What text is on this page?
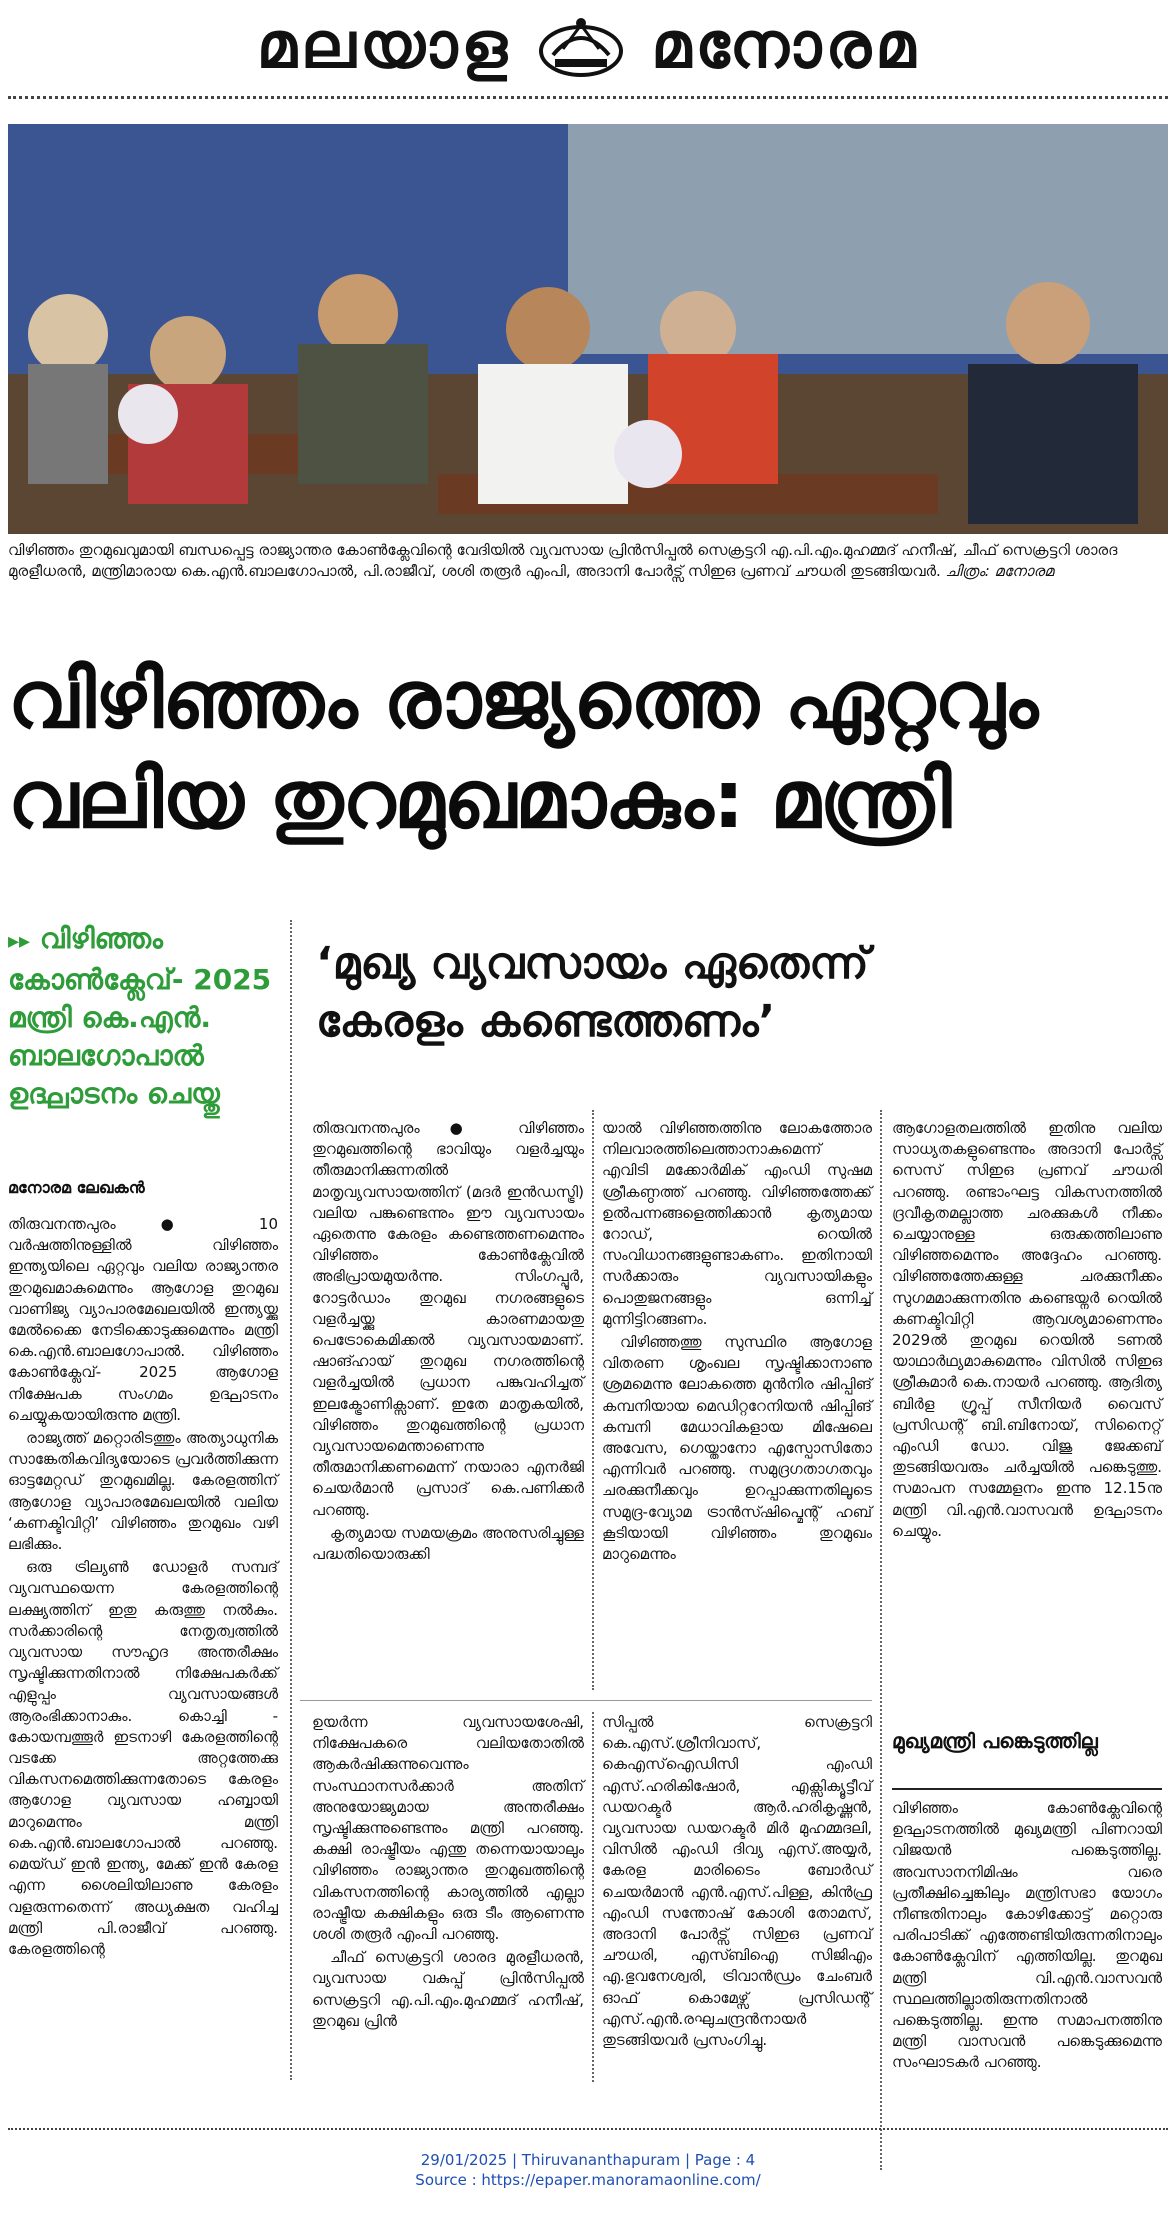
മലയാള മനോരമ
വിഴിഞ്ഞം തുറമുഖവുമായി ബന്ധപ്പെട്ട രാജ്യാന്തര കോൺക്ലേവിന്റെ വേദിയിൽ വ്യവസായ പ്രിൻസിപ്പൽ സെക്രട്ടറി എ.പി.എം.മുഹമ്മദ് ഹനീഷ്, ചീഫ് സെക്രട്ടറി ശാരദ മുരളീധരൻ, മന്ത്രിമാരായ കെ.എൻ.ബാലഗോപാൽ, പി.രാജീവ്, ശശി തരൂർ എംപി, അദാനി പോർട്സ് സിഇഒ പ്രണവ് ചൗധരി തുടങ്ങിയവർ. ചിത്രം: മനോരമ
വിഴിഞ്ഞം രാജ്യത്തെ ഏറ്റവും
വലിയ തുറമുഖമാകും: മന്ത്രി
▸▸ വിഴിഞ്ഞം കോൺക്ലേവ്- 2025 മന്ത്രി കെ.എൻ. ബാലഗോപാൽ ഉദ്ഘാടനം ചെയ്തു
മനോരമ ലേഖകൻ

തിരുവനന്തപുരം ● 10 വർഷത്തിനുള്ളിൽ വിഴിഞ്ഞം ഇന്ത്യയിലെ ഏറ്റവും വലിയ രാജ്യാന്തര തുറമുഖമാകുമെന്നും ആഗോള തുറമുഖ വാണിജ്യ വ്യാപാരമേഖലയിൽ ഇന്ത്യയ്ക്കു മേൽക്കൈ നേടിക്കൊടുക്കുമെന്നും മന്ത്രി കെ.എൻ.ബാലഗോപാൽ. വിഴിഞ്ഞം കോൺക്ലേവ്- 2025 ആഗോള നിക്ഷേപക സംഗമം ഉദ്ഘാടനം ചെയ്യുകയായിരുന്നു മന്ത്രി.

രാജ്യത്ത് മറ്റൊരിടത്തും അത്യാധുനിക സാങ്കേതികവിദ്യയോടെ പ്രവർത്തിക്കുന്ന ഓട്ടമേറ്റഡ് തുറമുഖമില്ല. കേരളത്തിന് ആഗോള വ്യാപാരമേഖലയിൽ വലിയ ‘കണക്ടിവിറ്റി’ വിഴിഞ്ഞം തുറമുഖം വഴി ലഭിക്കും.

ഒരു ട്രില്യൺ ഡോളർ സമ്പദ് വ്യവസ്ഥയെന്ന കേരളത്തിന്റെ ലക്ഷ്യത്തിന് ഇതു കരുത്തു നൽകും. സർക്കാരിന്റെ നേതൃത്വത്തിൽ വ്യവസായ സൗഹൃദ അന്തരീക്ഷം സൃഷ്ടിക്കുന്നതിനാൽ നിക്ഷേപകർക്ക് എളുപ്പം വ്യവസായങ്ങൾ ആരംഭിക്കാനാകും. കൊച്ചി - കോയമ്പത്തൂർ ഇടനാഴി കേരളത്തിന്റെ വടക്കേ അറ്റത്തേക്കു വികസനമെത്തിക്കുന്നതോടെ കേരളം ആഗോള വ്യവസായ ഹബ്ബായി മാറുമെന്നും മന്ത്രി കെ.എൻ.ബാലഗോപാൽ പറഞ്ഞു. മെയ്ഡ് ഇൻ ഇന്ത്യ, മേക്ക് ഇൻ കേരള എന്ന ശൈലിയിലാണു കേരളം വളരുന്നതെന്ന് അധ്യക്ഷത വഹിച്ച മന്ത്രി പി.രാജീവ് പറഞ്ഞു. കേരളത്തിന്റെ

‘മുഖ്യ വ്യവസായം ഏതെന്ന്
കേരളം കണ്ടെത്തണം’

തിരുവനന്തപുരം ● വിഴിഞ്ഞം തുറമുഖത്തിന്റെ ഭാവിയും വളർച്ചയും തീരുമാനിക്കുന്നതിൽ മാതൃവ്യവസായത്തിന് (മദർ ഇൻഡസ്ട്രി) വലിയ പങ്കുണ്ടെന്നും ഈ വ്യവസായം ഏതെന്നു കേരളം കണ്ടെത്തണമെന്നും വിഴിഞ്ഞം കോൺക്ലേവിൽ അഭിപ്രായമുയർന്നു. സിംഗപ്പൂർ, റോട്ടർഡാം തുറമുഖ നഗരങ്ങളുടെ വളർച്ചയ്ക്കു കാരണമായതു പെട്രോകെമിക്കൽ വ്യവസായമാണ്. ഷാങ്ഹായ് തുറമുഖ നഗരത്തിന്റെ വളർച്ചയിൽ പ്രധാന പങ്കുവഹിച്ചത് ഇലക്ട്രോണിക്സാണ്. ഇതേ മാതൃകയിൽ, വിഴിഞ്ഞം തുറമുഖത്തിന്റെ പ്രധാന വ്യവസായമെന്താണെന്നു തീരുമാനിക്കണമെന്ന് നയാരാ എനർജി ചെയർമാൻ പ്രസാദ് കെ.പണിക്കർ പറഞ്ഞു.

കൃത്യമായ സമയക്രമം അനുസരിച്ചുള്ള പദ്ധതിയൊരുക്കി

യാൽ വിഴിഞ്ഞത്തിനു ലോകത്തോര നിലവാരത്തിലെത്താനാകുമെന്ന് എവിടി മക്കോർമിക് എംഡി സുഷമ ശ്രീകണ്ഠത്ത് പറഞ്ഞു. വിഴിഞ്ഞത്തേക്ക് ഉൽപന്നങ്ങളെത്തിക്കാൻ കൃത്യമായ റോഡ്, റെയിൽ സംവിധാനങ്ങളുണ്ടാകണം. ഇതിനായി സർക്കാരും വ്യവസായികളും പൊതുജനങ്ങളും ഒന്നിച്ച് മുന്നിട്ടിറങ്ങണം.

വിഴിഞ്ഞത്തു സുസ്ഥിര ആഗോള വിതരണ ശൃംഖല സൃഷ്ടിക്കാനാണു ശ്രമമെന്നു ലോകത്തെ മുൻനിര ഷിപ്പിങ് കമ്പനിയായ മെഡിറ്ററേനിയൻ ഷിപ്പിങ് കമ്പനി മേധാവികളായ മിഷേലെ അവേസ, ഗെയ്താനോ എസ്പോസിതോ എന്നിവർ പറഞ്ഞു. സമുദ്രഗതാഗതവും ചരക്കുനീക്കവും ഉറപ്പാക്കുന്നതിലൂടെ സമുദ്ര-വ്യോമ ട്രാൻസ്ഷിപ്മെന്റ് ഹബ് കൂടിയായി വിഴിഞ്ഞം തുറമുഖം മാറുമെന്നും

ആഗോളതലത്തിൽ ഇതിനു വലിയ സാധ്യതകളുണ്ടെന്നും അദാനി പോർട്സ് സെസ് സിഇഒ പ്രണവ് ചൗധരി പറഞ്ഞു. രണ്ടാംഘട്ട വികസനത്തിൽ ദ്രവീകൃതമല്ലാത്ത ചരക്കുകൾ നീക്കം ചെയ്യാനുള്ള ഒരുക്കത്തിലാണു വിഴിഞ്ഞമെന്നും അദ്ദേഹം പറഞ്ഞു. വിഴിഞ്ഞത്തേക്കുള്ള ചരക്കുനീക്കം സുഗമമാക്കുന്നതിനു കണ്ടെയ്നർ റെയിൽ കണക്ടിവിറ്റി ആവശ്യമാണെന്നും 2029ൽ തുറമുഖ റെയിൽ ടണൽ യാഥാർഥ്യമാകുമെന്നും വിസിൽ സിഇഒ ശ്രീകുമാർ കെ.നായർ പറഞ്ഞു. ആദിത്യ ബിർള ഗ്രൂപ്പ് സീനിയർ വൈസ് പ്രസിഡന്റ് ബി.ബിനോയ്, സിനൈറ്റ് എംഡി ഡോ. വിജു ജേക്കബ് തുടങ്ങിയവരും ചർച്ചയിൽ പങ്കെടുത്തു. സമാപന സമ്മേളനം ഇന്നു 12.15നു മന്ത്രി വി.എൻ.വാസവൻ ഉദ്ഘാടനം ചെയ്യും.

ഉയർന്ന വ്യവസായശേഷി, നിക്ഷേപകരെ വലിയതോതിൽ ആകർഷിക്കുന്നുവെന്നും സംസ്ഥാനസർക്കാർ അതിന് അനുയോജ്യമായ അന്തരീക്ഷം സൃഷ്ടിക്കുന്നുണ്ടെന്നും മന്ത്രി പറഞ്ഞു. കക്ഷി രാഷ്ട്രീയം എന്തു തന്നെയായാലും വിഴിഞ്ഞം രാജ്യാന്തര തുറമുഖത്തിന്റെ വികസനത്തിന്റെ കാര്യത്തിൽ എല്ലാ രാഷ്ട്രീയ കക്ഷികളും ഒരു ടീം ആണെന്നു ശശി തരൂർ എംപി പറഞ്ഞു.

ചീഫ് സെക്രട്ടറി ശാരദ മുരളീധരൻ, വ്യവസായ വകുപ്പ് പ്രിൻസിപ്പൽ സെക്രട്ടറി എ.പി.എം.മുഹമ്മദ് ഹനീഷ്, തുറമുഖ പ്രിൻ

സിപ്പൽ സെക്രട്ടറി കെ.എസ്.ശ്രീനിവാസ്, കെഎസ്ഐഡിസി എംഡി എസ്.ഹരികിഷോർ, എക്സിക്യൂട്ടീവ് ഡയറക്ടർ ആർ.ഹരികൃഷ്ണൻ, വ്യവസായ ഡയറക്ടർ മിർ മുഹമ്മദലി, വിസിൽ എംഡി ദിവ്യ എസ്.അയ്യർ, കേരള മാരിടൈം ബോർഡ് ചെയർമാൻ എൻ.എസ്.പിള്ള, കിൻഫ്ര എംഡി സന്തോഷ് കോശി തോമസ്, അദാനി പോർട്സ് സിഇഒ പ്രണവ് ചൗധരി, എസ്ബിഐ സിജിഎം എ.ഭുവനേശ്വരി, ട്രിവാൻഡ്രം ചേംബർ ഓഫ് കൊമേഴ്സ് പ്രസിഡന്റ് എസ്.എൻ.രഘുചന്ദ്രൻനായർ തുടങ്ങിയവർ പ്രസംഗിച്ചു.

മുഖ്യമന്ത്രി പങ്കെടുത്തില്ല

വിഴിഞ്ഞം കോൺക്ലേവിന്റെ ഉദ്ഘാടനത്തിൽ മുഖ്യമന്ത്രി പിണറായി വിജയൻ പങ്കെടുത്തില്ല. അവസാനനിമിഷം വരെ പ്രതീക്ഷിച്ചെങ്കിലും മന്ത്രിസഭാ യോഗം നീണ്ടതിനാലും കോഴിക്കോട്ട് മറ്റൊരു പരിപാടിക്ക് എത്തേണ്ടിയിരുന്നതിനാലും കോൺക്ലേവിന് എത്തിയില്ല. തുറമുഖ മന്ത്രി വി.എൻ.വാസവൻ സ്ഥലത്തില്ലാതിരുന്നതിനാൽ പങ്കെടുത്തില്ല. ഇന്നു സമാപനത്തിനു മന്ത്രി വാസവൻ പങ്കെടുക്കുമെന്നു സംഘാടകർ പറഞ്ഞു.

29/01/2025 | Thiruvananthapuram | Page : 4
Source : https://epaper.manoramaonline.com/
